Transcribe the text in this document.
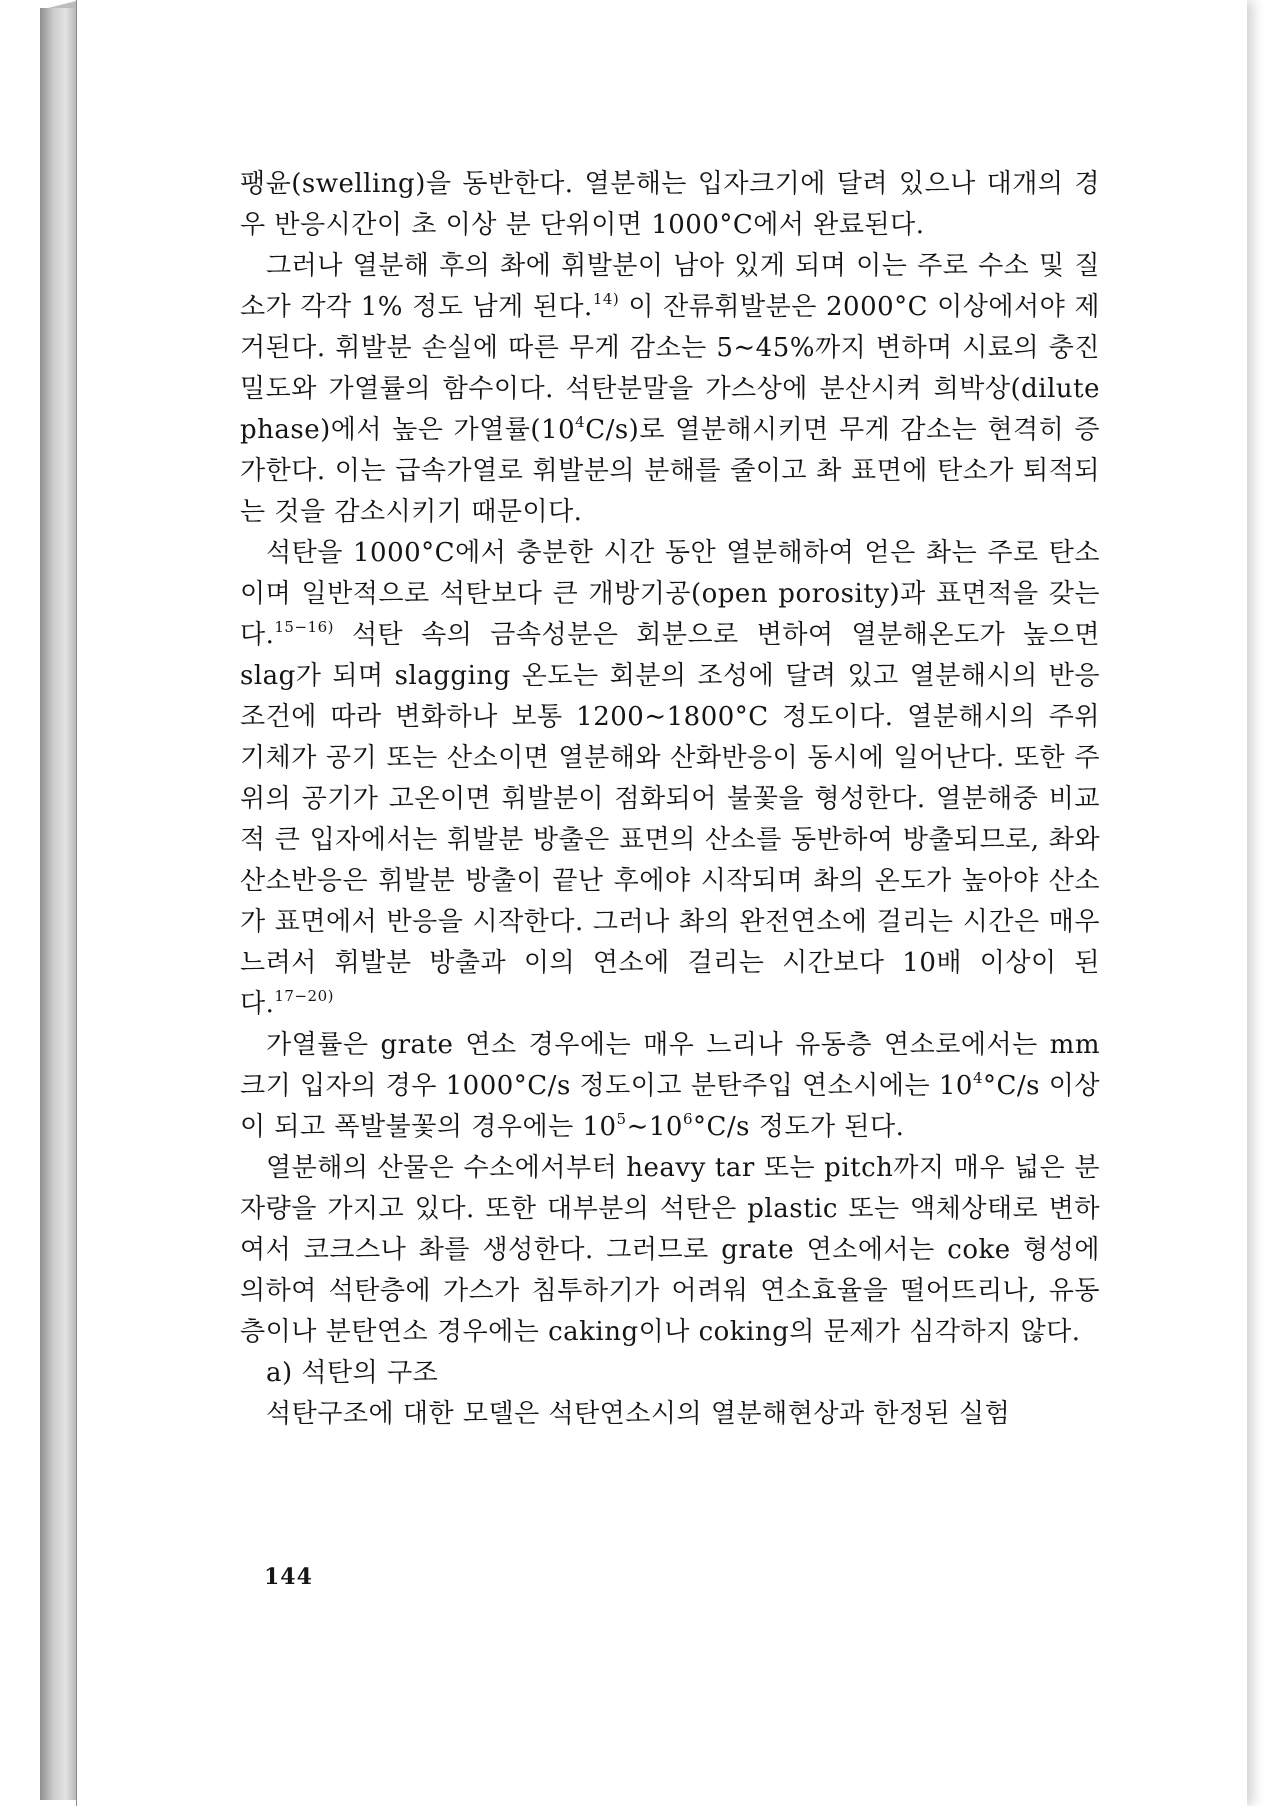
팽윤(swelling)을 동반한다. 열분해는 입자크기에 달려 있으나 대개의 경우 반응시간이 초 이상 분 단위이면 1000°C에서 완료된다.

그러나 열분해 후의 촤에 휘발분이 남아 있게 되며 이는 주로 수소 및 질소가 각각 1% 정도 남게 된다.$^{14)}$ 이 잔류휘발분은 2000°C 이상에서야 제거된다. 휘발분 손실에 따른 무게 감소는 5∼45%까지 변하며 시료의 충진밀도와 가열률의 함수이다. 석탄분말을 가스상에 분산시켜 희박상(dilute phase)에서 높은 가열률$(10^4C/s)$로 열분해시키면 무게 감소는 현격히 증가한다. 이는 급속가열로 휘발분의 분해를 줄이고 촤 표면에 탄소가 퇴적되는 것을 감소시키기 때문이다.

석탄을 1000°C에서 충분한 시간 동안 열분해하여 얻은 촤는 주로 탄소이며 일반적으로 석탄보다 큰 개방기공(open porosity)과 표면적을 갖는다.$^{15-16)}$ 석탄 속의 금속성분은 회분으로 변하여 열분해온도가 높으면 slag가 되며 slagging 온도는 회분의 조성에 달려 있고 열분해시의 반응조건에 따라 변화하나 보통 1200∼1800°C 정도이다. 열분해시의 주위 기체가 공기 또는 산소이면 열분해와 산화반응이 동시에 일어난다. 또한 주위의 공기가 고온이면 휘발분이 점화되어 불꽃을 형성한다. 열분해중 비교적 큰 입자에서는 휘발분 방출은 표면의 산소를 동반하여 방출되므로, 촤와 산소반응은 휘발분 방출이 끝난 후에야 시작되며 촤의 온도가 높아야 산소가 표면에서 반응을 시작한다. 그러나 촤의 완전연소에 걸리는 시간은 매우 느려서 휘발분 방출과 이의 연소에 걸리는 시간보다 10배 이상이 된다.$^{17-20)}$

가열률은 grate 연소 경우에는 매우 느리나 유동층 연소로에서는 mm 크기 입자의 경우 1000°C/s 정도이고 분탄주입 연소시에는 $10^4^\circ C/s$ 이상이 되고 폭발불꽃의 경우에는 $10^5\sim 10^6^\circ C/s$ 정도가 된다.

열분해의 산물은 수소에서부터 heavy tar 또는 pitch까지 매우 넓은 분자량을 가지고 있다. 또한 대부분의 석탄은 plastic 또는 액체상태로 변하여서 코크스나 촤를 생성한다. 그러므로 grate 연소에서는 coke 형성에 의하여 석탄층에 가스가 침투하기가 어려워 연소효율을 떨어뜨리나, 유동층이나 분탄연소 경우에는 caking이나 coking의 문제가 심각하지 않다.

a) 석탄의 구조

석탄구조에 대한 모델은 석탄연소시의 열분해현상과 한정된 실험

144
